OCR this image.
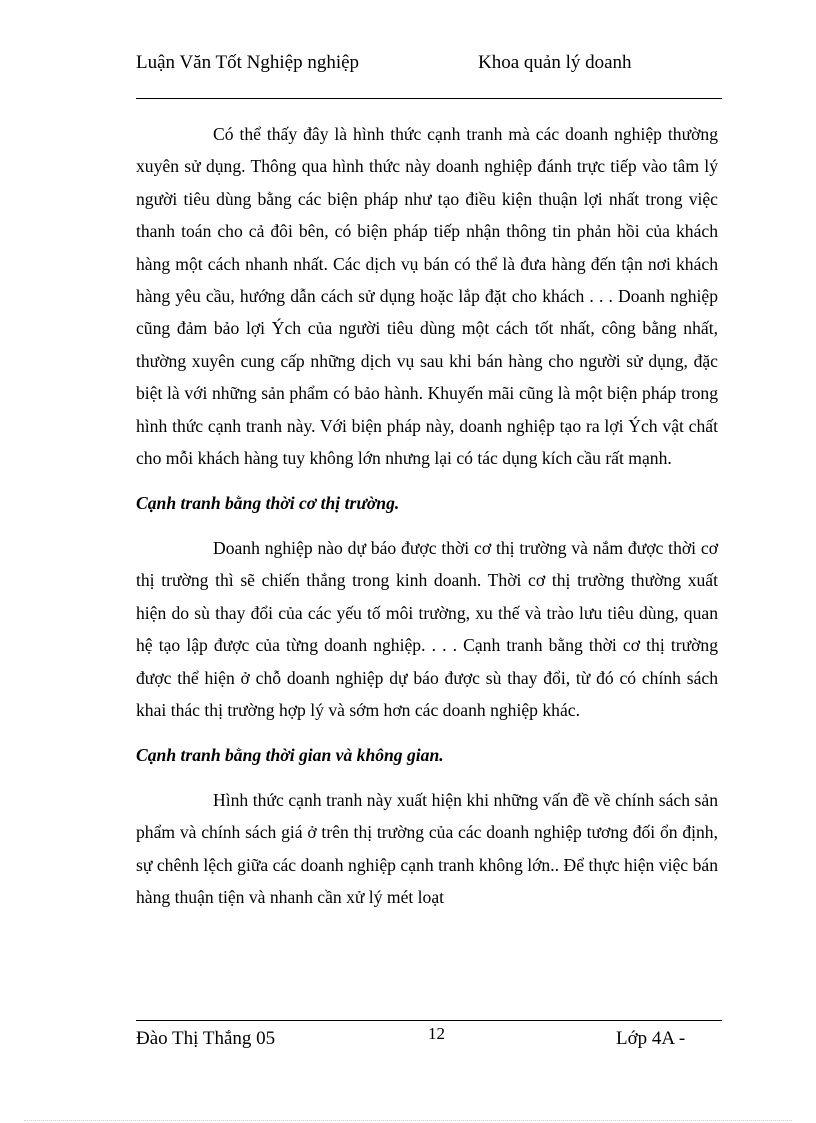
Luận Văn Tốt Nghiệp nghiệp	Khoa quản lý doanh

Có thể thấy đây là hình thức cạnh tranh mà các doanh nghiệp thường xuyên sử dụng. Thông qua hình thức này doanh nghiệp đánh trực tiếp vào tâm lý người tiêu dùng bằng các biện pháp như tạo điều kiện thuận lợi nhất trong việc thanh toán cho cả đôi bên, có biện pháp tiếp nhận thông tin phản hồi của khách hàng một cách nhanh nhất. Các dịch vụ bán có thể là đưa hàng đến tận nơi khách hàng yêu cầu, hướng dẫn cách sử dụng hoặc lắp đặt cho khách . . . Doanh nghiệp cũng đảm bảo lợi Ých của người tiêu dùng một cách tốt nhất, công bằng nhất, thường xuyên cung cấp những dịch vụ sau khi bán hàng cho người sử dụng, đặc biệt là với những sản phẩm có bảo hành. Khuyến mãi cũng là một biện pháp trong hình thức cạnh tranh này. Với biện pháp này, doanh nghiệp tạo ra lợi Ých vật chất cho mỗi khách hàng tuy không lớn nhưng lại có tác dụng kích cầu rất mạnh.

Cạnh tranh bằng thời cơ thị trường.

Doanh nghiệp nào dự báo được thời cơ thị trường và nắm được thời cơ thị trường thì sẽ chiến thắng trong kinh doanh. Thời cơ thị trường thường xuất hiện do sù thay đổi của các yếu tố môi trường, xu thế và trào lưu tiêu dùng, quan hệ tạo lập được của từng doanh nghiệp. . . . Cạnh tranh bằng thời cơ thị trường được thể hiện ở chỗ doanh nghiệp dự báo được sù thay đổi, từ đó có chính sách khai thác thị trường hợp lý và sớm hơn các doanh nghiệp khác.

Cạnh tranh bằng thời gian và không gian.

Hình thức cạnh tranh này xuất hiện khi những vấn đề về chính sách sản phẩm và chính sách giá ở trên thị trường của các doanh nghiệp tương đối ổn định, sự chênh lệch giữa các doanh nghiệp cạnh tranh không lớn.. Để thực hiện việc bán hàng thuận tiện và nhanh cần xử lý mét loạt

Đào Thị Thắng 05	12	Lớp 4A -
